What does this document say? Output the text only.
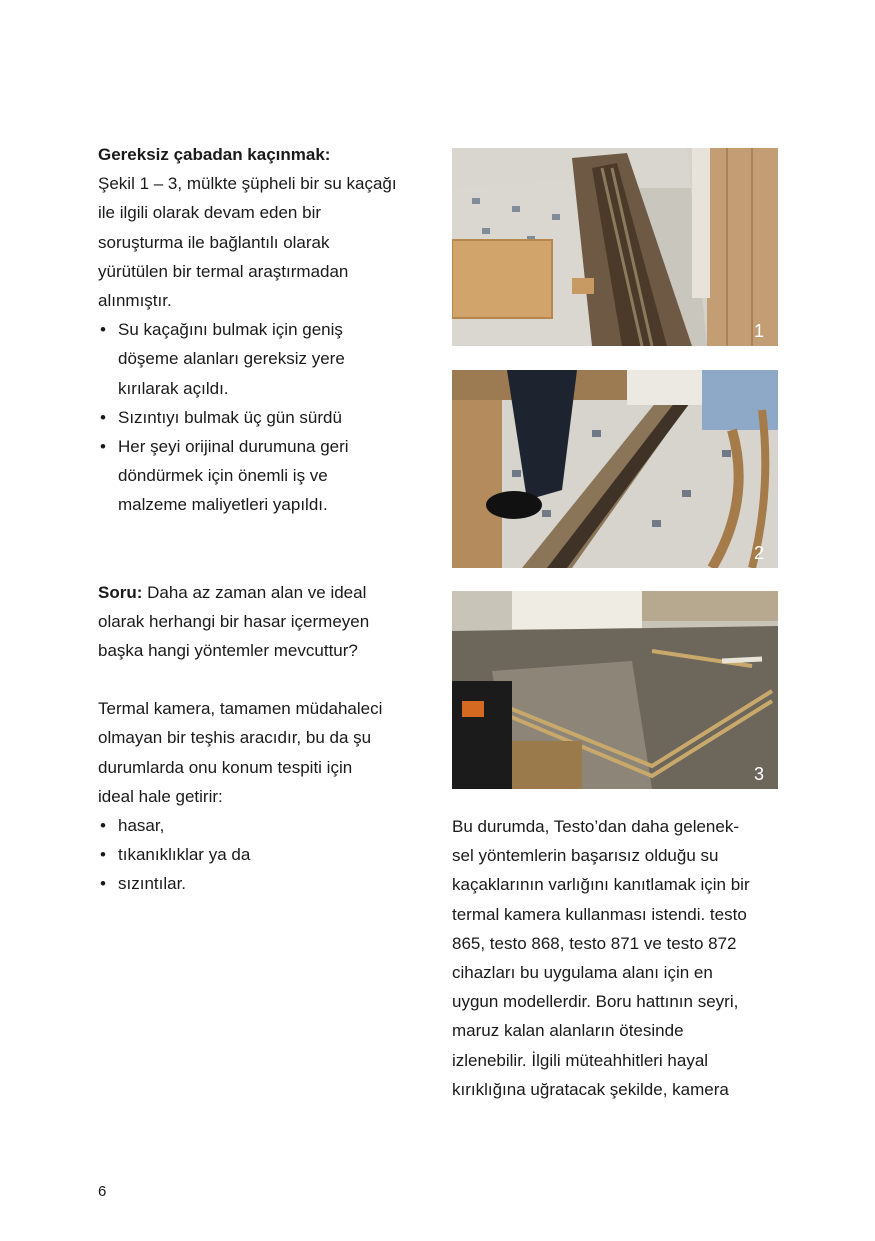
Gereksiz çabadan kaçınmak:

Şekil 1 – 3, mülkte şüpheli bir su kaçağı

ile ilgili olarak devam eden bir

soruşturma ile bağlantılı olarak

yürütülen bir termal araştırmadan

alınmıştır.

• Su kaçağını bulmak için geniş
döşeme alanları gereksiz yere
kırılarak açıldı.
• Sızıntıyı bulmak üç gün sürdü
• Her şeyi orijinal durumuna geri
döndürmek için önemli iş ve
malzeme maliyetleri yapıldı.

Soru: Daha az zaman alan ve ideal

olarak herhangi bir hasar içermeyen

başka hangi yöntemler mevcuttur?

Termal kamera, tamamen müdahaleci

olmayan bir teşhis aracıdır, bu da şu

durumlarda onu konum tespiti için

ideal hale getirir:

• hasar,
• tıkanıklıklar ya da
• sızıntılar.
1
2
3

Bu durumda, Testo’dan daha gelenek-

sel yöntemlerin başarısız olduğu su

kaçaklarının varlığını kanıtlamak için bir

termal kamera kullanması istendi. testo

865, testo 868, testo 871 ve testo 872

cihazları bu uygulama alanı için en

uygun modellerdir. Boru hattının seyri,

maruz kalan alanların ötesinde

izlenebilir. İlgili müteahhitleri hayal

kırıklığına uğratacak şekilde, kamera

6
